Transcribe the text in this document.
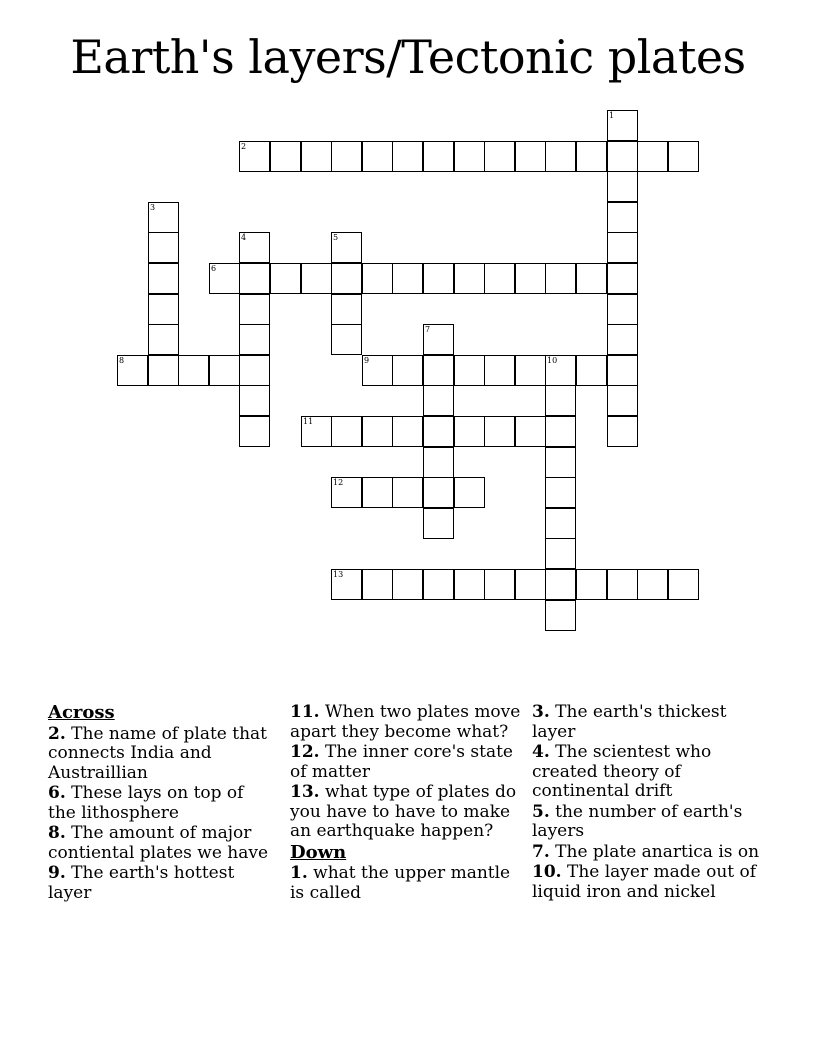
Earth's layers/Tectonic plates
1
2
3
4	5
6
7
8	9	10
11
12
13
Across
2. The name of plate that connects India and Austraillian
6. These lays on top of the lithosphere
8. The amount of major contiental plates we have
9. The earth's hottest layer
11. When two plates move apart they become what?
12. The inner core's state of matter
13. what type of plates do you have to have to make an earthquake happen?
Down
1. what the upper mantle is called
3. The earth's thickest layer
4. The scientest who created theory of continental drift
5. the number of earth's layers
7. The plate anartica is on
10. The layer made out of liquid iron and nickel
